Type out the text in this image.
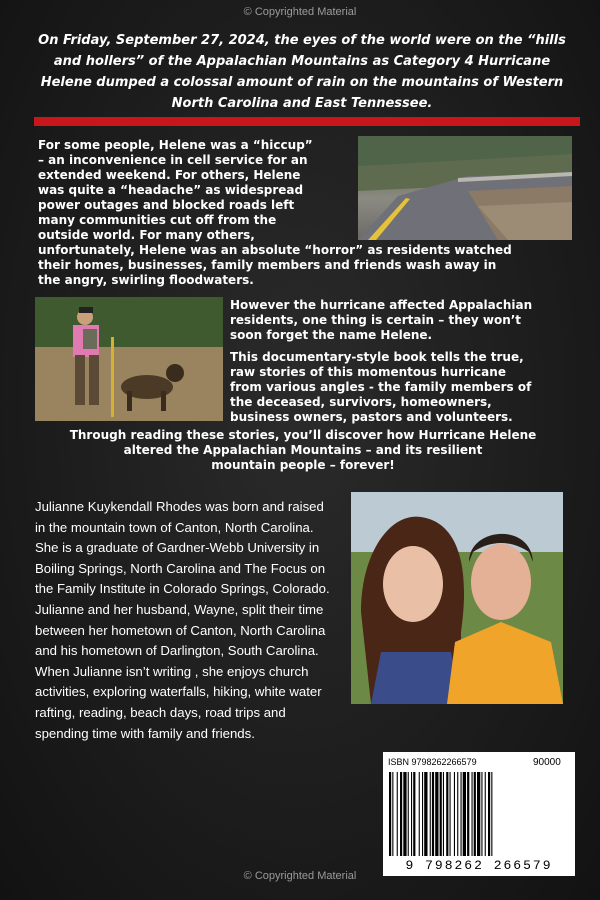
© Copyrighted Material

On Friday, September 27, 2024, the eyes of the world were on the “hills and hollers” of the Appalachian Mountains as Category 4 Hurricane Helene dumped a colossal amount of rain on the mountains of Western North Carolina and East Tennessee.

For some people, Helene was a “hiccup”
– an inconvenience in cell service for an
extended weekend. For others, Helene
was quite a “headache” as widespread
power outages and blocked roads left
many communities cut off from the
outside world. For many others,
unfortunately, Helene was an absolute “horror” as residents watched
their homes, businesses, family members and friends wash away in
the angry, swirling floodwaters.

However the hurricane affected Appalachian
residents, one thing is certain – they won’t
soon forget the name Helene.

This documentary-style book tells the true,
raw stories of this momentous hurricane
from various angles - the family members of
the deceased, survivors, homeowners,
business owners, pastors and volunteers.

Through reading these stories, you’ll discover how Hurricane Helene
altered the Appalachian Mountains – and its resilient
mountain people – forever!

Julianne Kuykendall Rhodes was born and raised in the mountain town of Canton, North Carolina. She is a graduate of Gardner-Webb University in Boiling Springs, North Carolina and The Focus on the Family Institute in Colorado Springs, Colorado. Julianne and her husband, Wayne, split their time between her hometown of Canton, North Carolina and his hometown of Darlington, South Carolina. When Julianne isn’t writing , she enjoys church activities, exploring waterfalls, hiking, white water rafting, reading, beach days, road trips and spending time with family and friends.

ISBN 9798262266579	90000
9 798262 266579
© Copyrighted Material
